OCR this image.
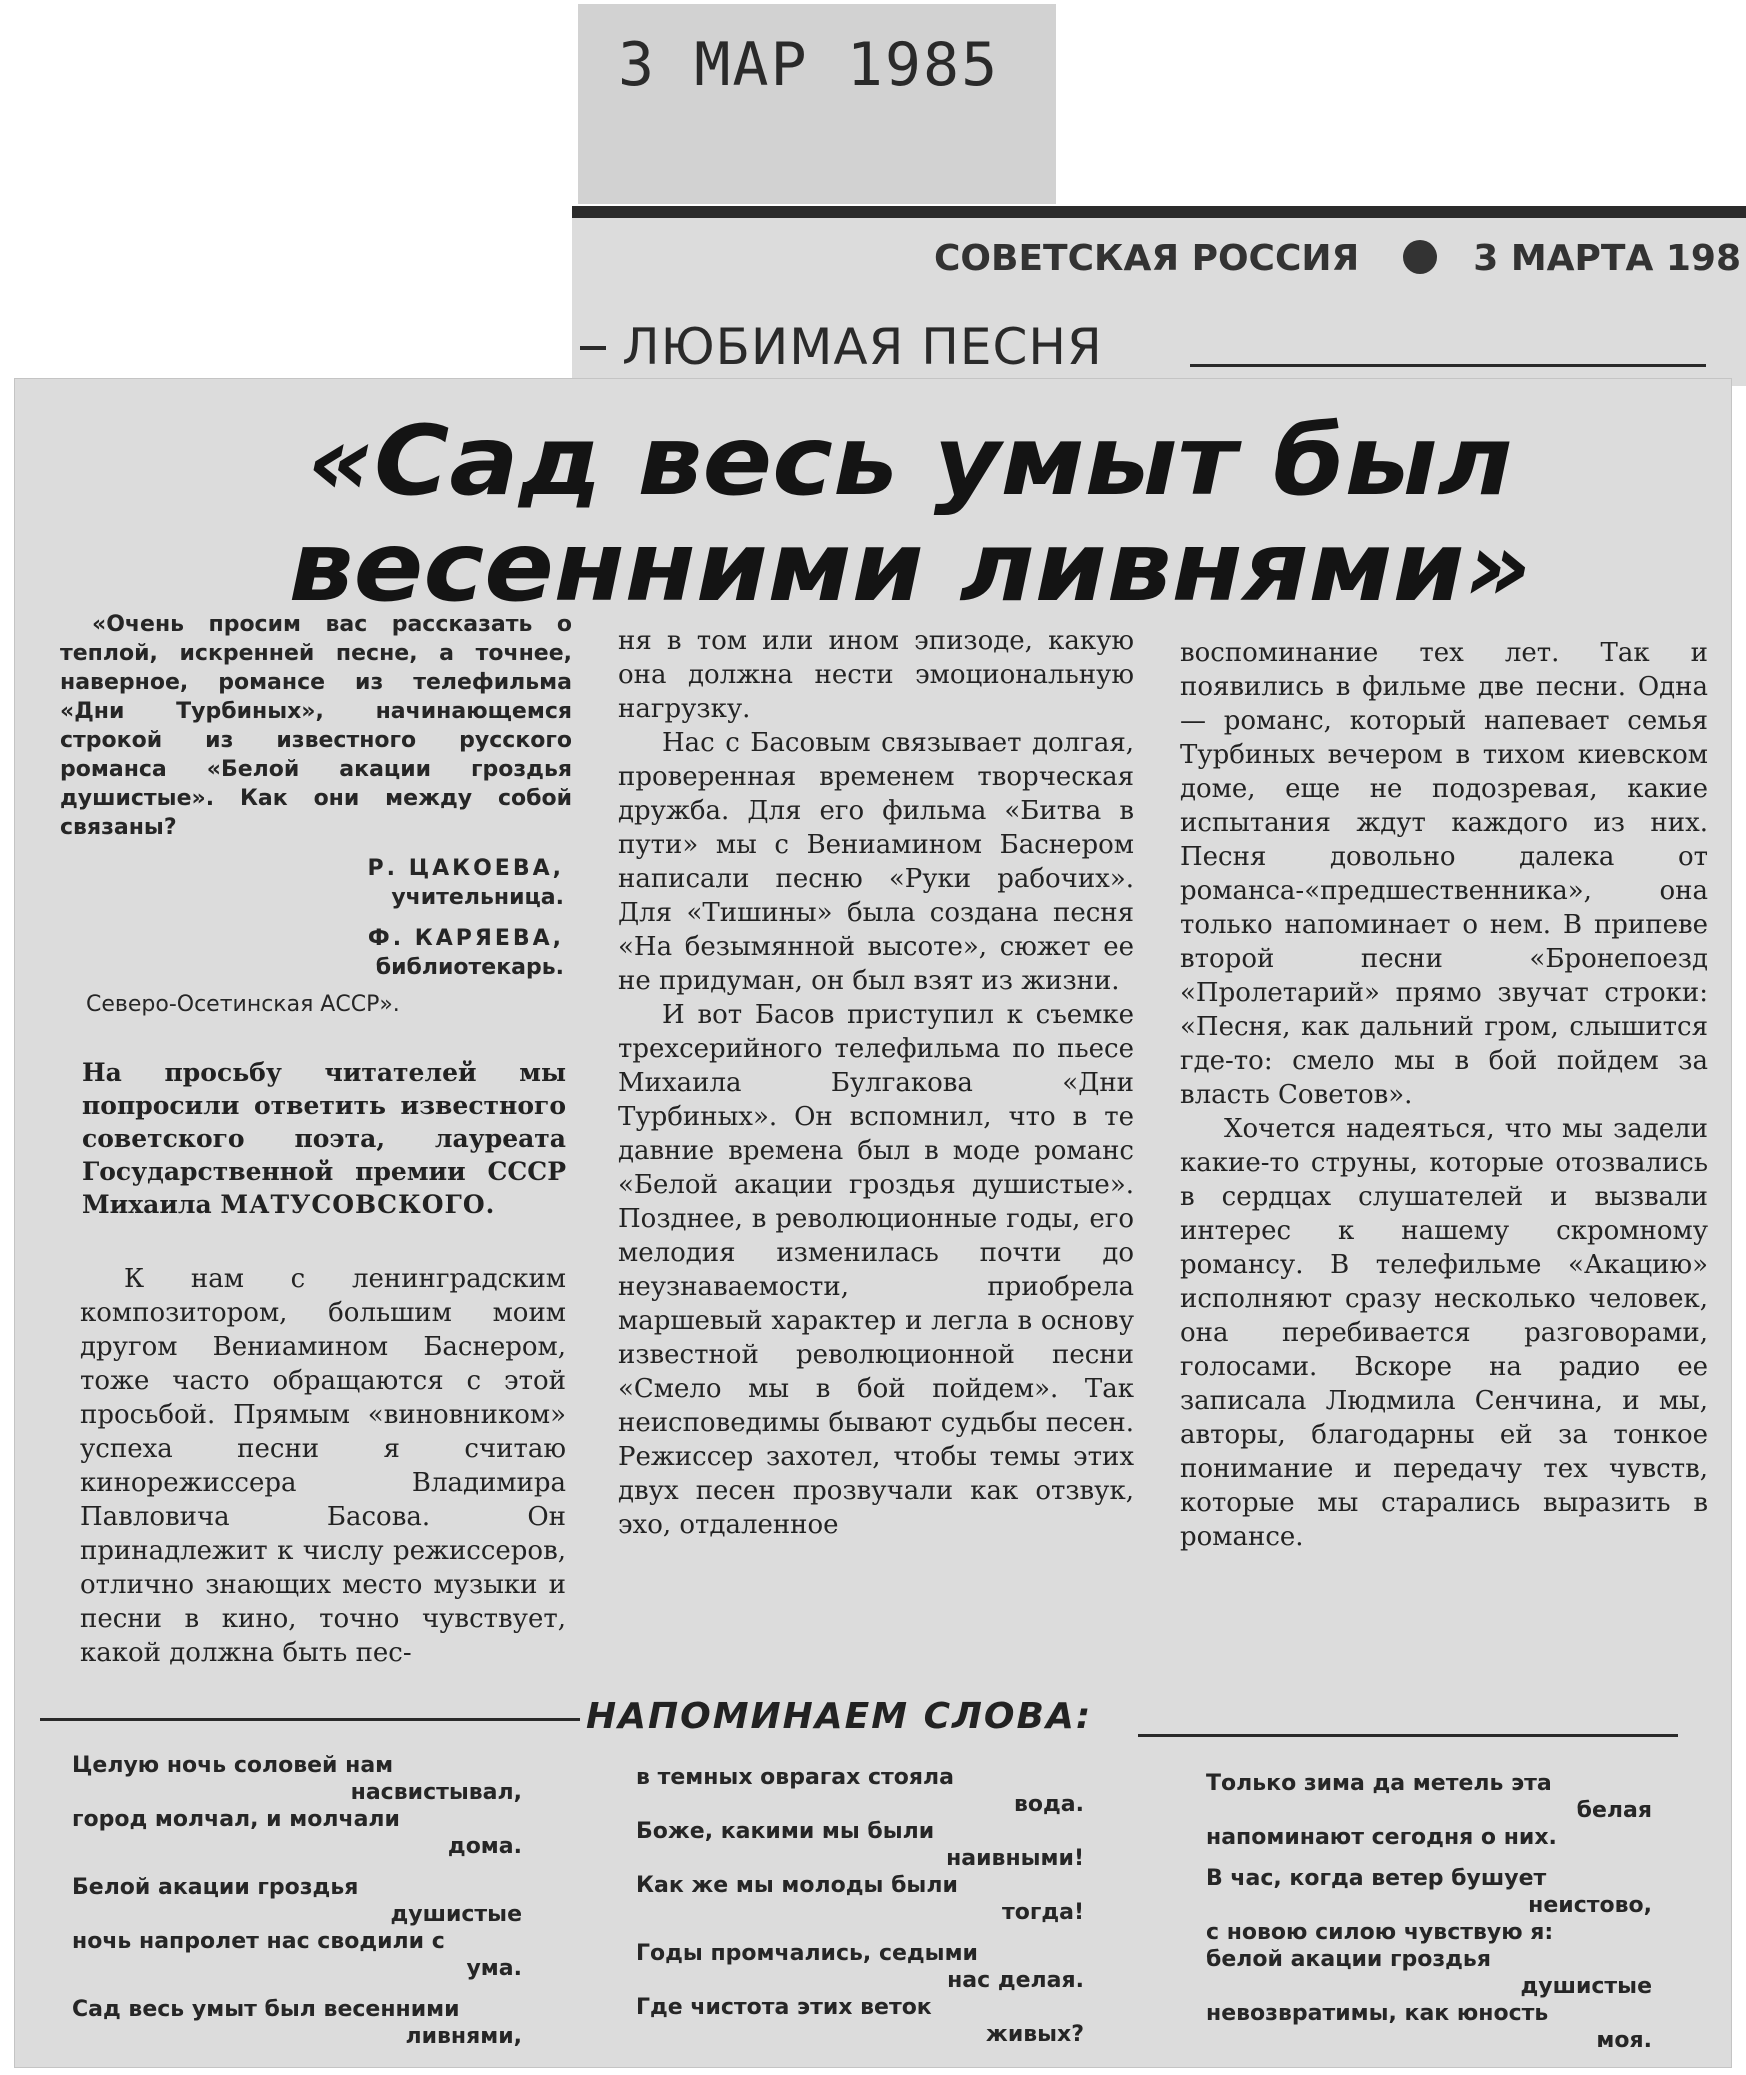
3 МАР 1985
СОВЕТСКАЯ РОССИЯ	3 МАРТА 198
ЛЮБИМАЯ ПЕСНЯ
«Сад весь умыт был весенними ливнями»
«Очень просим вас рассказать о теплой, искренней песне, а точнее, наверное, романсе из телефильма «Дни Турбиных», начинающемся строкой из известного русского романса «Белой акации гроздья душистые». Как они между собой связаны?
Р. ЦАКОЕВА,
учительница.
Ф. КАРЯЕВА,
библиотекарь.
Северо-Осетинская АССР».
На просьбу читателей мы попросили ответить известного советского поэта, лауреата Государственной премии СССР Михаила МАТУСОВСКОГО.

К нам с ленинградским композитором, большим моим другом Вениамином Баснером, тоже часто обращаются с этой просьбой. Прямым «виновником» успеха песни я считаю кинорежиссера Владимира Павловича Басова. Он принадлежит к числу режиссеров, отлично знающих место музыки и песни в кино, точно чувствует, какой должна быть пес-

ня в том или ином эпизоде, какую она должна нести эмоциональную нагрузку.

Нас с Басовым связывает долгая, проверенная временем творческая дружба. Для его фильма «Битва в пути» мы с Вениамином Баснером написали песню «Руки рабочих». Для «Тишины» была создана песня «На безымянной высоте», сюжет ее не придуман, он был взят из жизни.

И вот Басов приступил к съемке трехсерийного телефильма по пьесе Михаила Булгакова «Дни Турбиных». Он вспомнил, что в те давние времена был в моде романс «Белой акации гроздья душистые». Позднее, в революционные годы, его мелодия изменилась почти до неузнаваемости, приобрела маршевый характер и легла в основу известной революционной песни «Смело мы в бой пойдем». Так неисповедимы бывают судьбы песен. Режиссер захотел, чтобы темы этих двух песен прозвучали как отзвук, эхо, отдаленное

воспоминание тех лет. Так и появились в фильме две песни. Одна — романс, который напевает семья Турбиных вечером в тихом киевском доме, еще не подозревая, какие испытания ждут каждого из них. Песня довольно далека от романса-«предшественника», она только напоминает о нем. В припеве второй песни «Бронепоезд «Пролетарий» прямо звучат строки: «Песня, как дальний гром, слышится где-то: смело мы в бой пойдем за власть Советов».

Хочется надеяться, что мы задели какие-то струны, которые отозвались в сердцах слушателей и вызвали интерес к нашему скромному романсу. В телефильме «Акацию» исполняют сразу несколько человек, она перебивается разговорами, голосами. Вскоре на радио ее записала Людмила Сенчина, и мы, авторы, благодарны ей за тонкое понимание и передачу тех чувств, которые мы старались выразить в романсе.

НАПОМИНАЕМ СЛОВА:
Целую ночь соловей нам
насвистывал,
город молчал, и молчали
дома.
Белой акации гроздья
душистые
ночь напролет нас сводили с
ума.
Сад весь умыт был весенними
ливнями,
в темных оврагах стояла
вода.
Боже, какими мы были
наивными!
Как же мы молоды были
тогда!
Годы промчались, седыми
нас делая.
Где чистота этих веток
живых?
Только зима да метель эта
белая
напоминают сегодня о них.
В час, когда ветер бушует
неистово,
с новою силою чувствую я:
белой акации гроздья
душистые
невозвратимы, как юность
моя.
